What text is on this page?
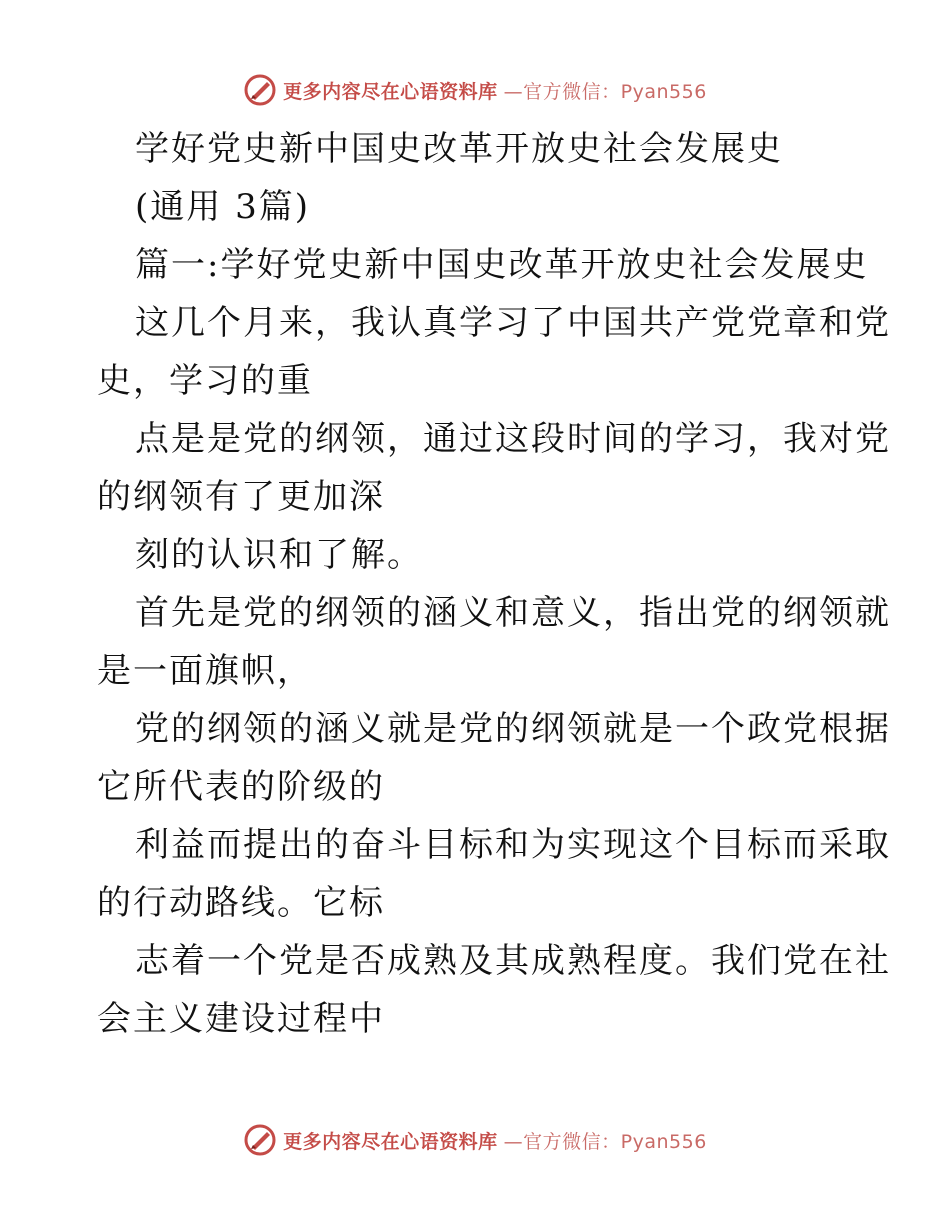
更多内容尽在心语资料库 —官方微信：Pyan556
学好党史新中国史改革开放史社会发展史
(通用 3篇)
篇一:学好党史新中国史改革开放史社会发展史
这几个月来，我认真学习了中国共产党党章和党
史，学习的重
点是是党的纲领，通过这段时间的学习，我对党
的纲领有了更加深
刻的认识和了解。
首先是党的纲领的涵义和意义，指出党的纲领就
是一面旗帜，
党的纲领的涵义就是党的纲领就是一个政党根据
它所代表的阶级的
利益而提出的奋斗目标和为实现这个目标而采取
的行动路线。它标
志着一个党是否成熟及其成熟程度。我们党在社
会主义建设过程中
更多内容尽在心语资料库 —官方微信：Pyan556
